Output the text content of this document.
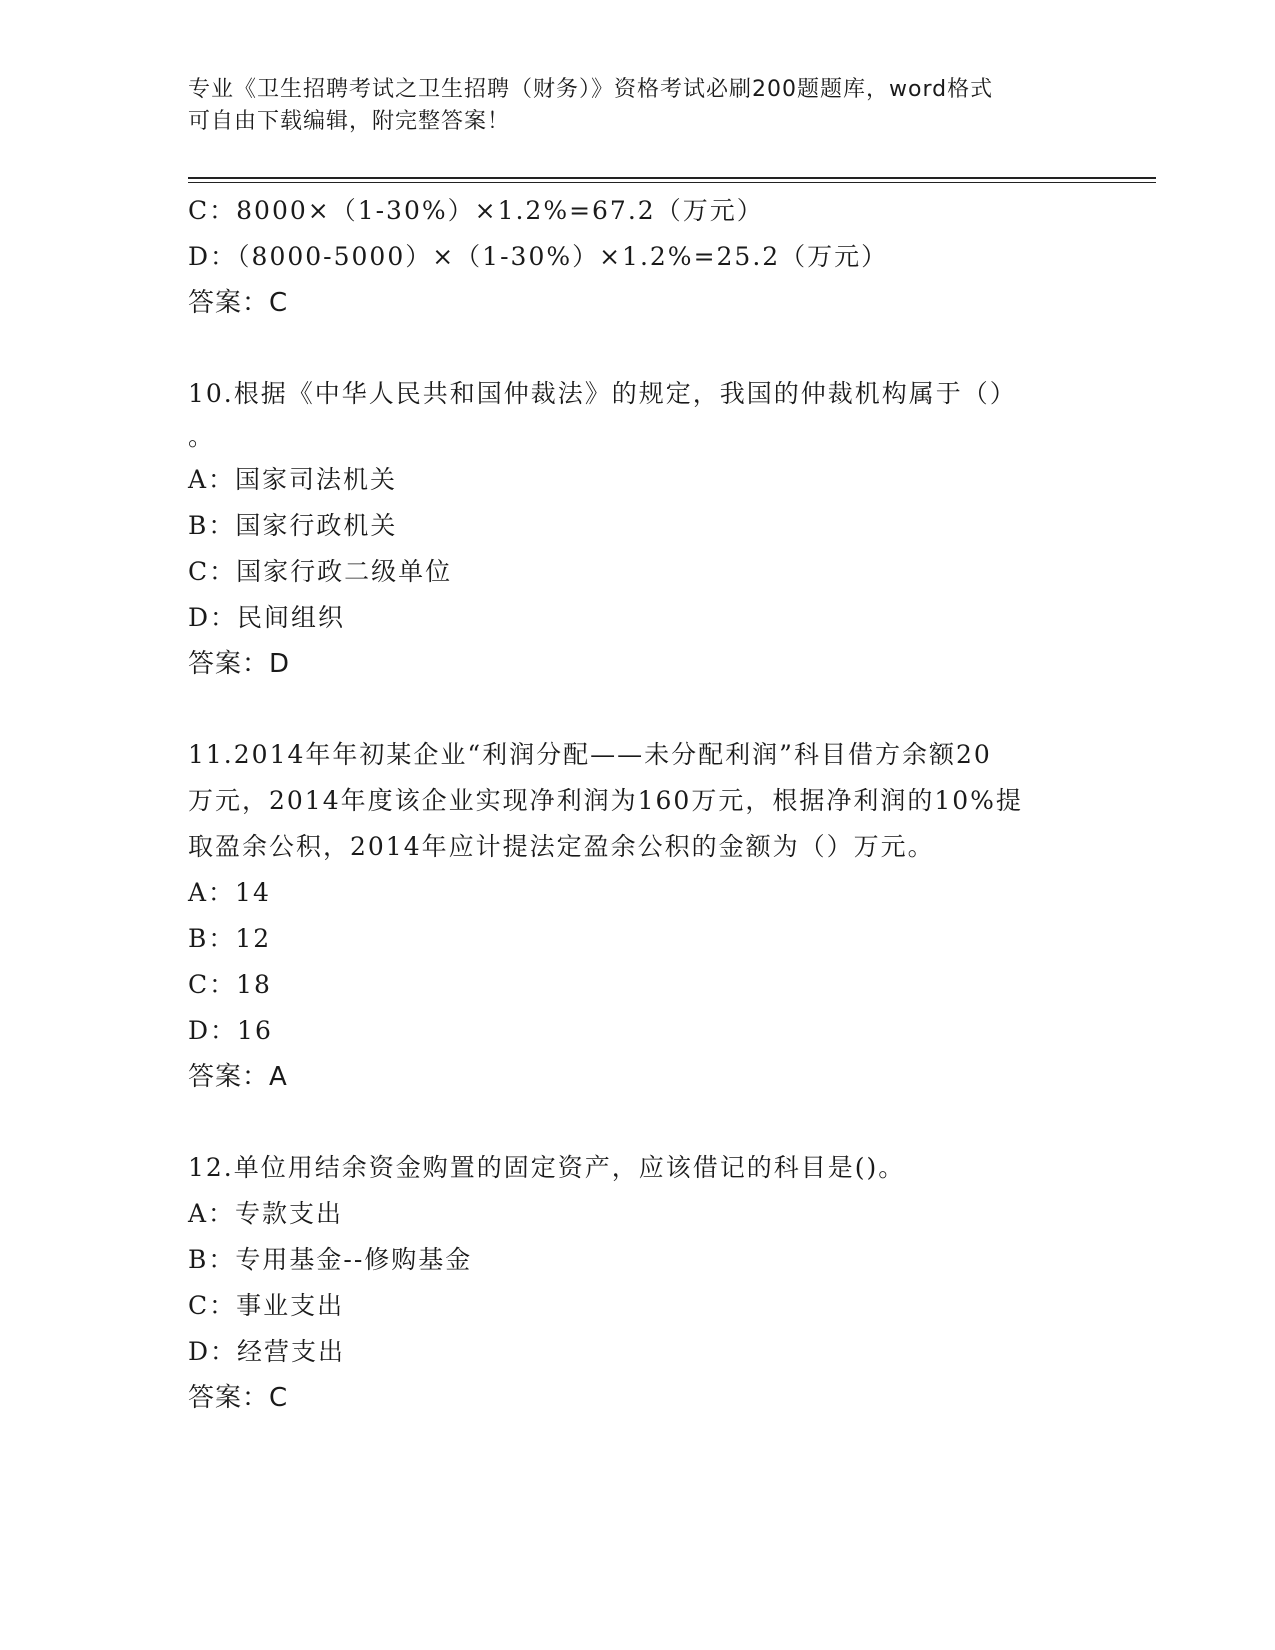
专业《卫生招聘考试之卫生招聘（财务）》资格考试必刷200题题库，word格式
可自由下载编辑，附完整答案！
C：8000×（1-30%）×1.2%=67.2（万元）
D：（8000-5000）×（1-30%）×1.2%=25.2（万元）
答案：C
10.根据《中华人民共和国仲裁法》的规定，我国的仲裁机构属于（）
。
A：国家司法机关
B：国家行政机关
C：国家行政二级单位
D：民间组织
答案：D
11.2014年年初某企业“利润分配——未分配利润”科目借方余额20
万元，2014年度该企业实现净利润为160万元，根据净利润的10%提
取盈余公积，2014年应计提法定盈余公积的金额为（）万元。
A：14
B：12
C：18
D：16
答案：A
12.单位用结余资金购置的固定资产，应该借记的科目是()。
A：专款支出
B：专用基金--修购基金
C：事业支出
D：经营支出
答案：C
